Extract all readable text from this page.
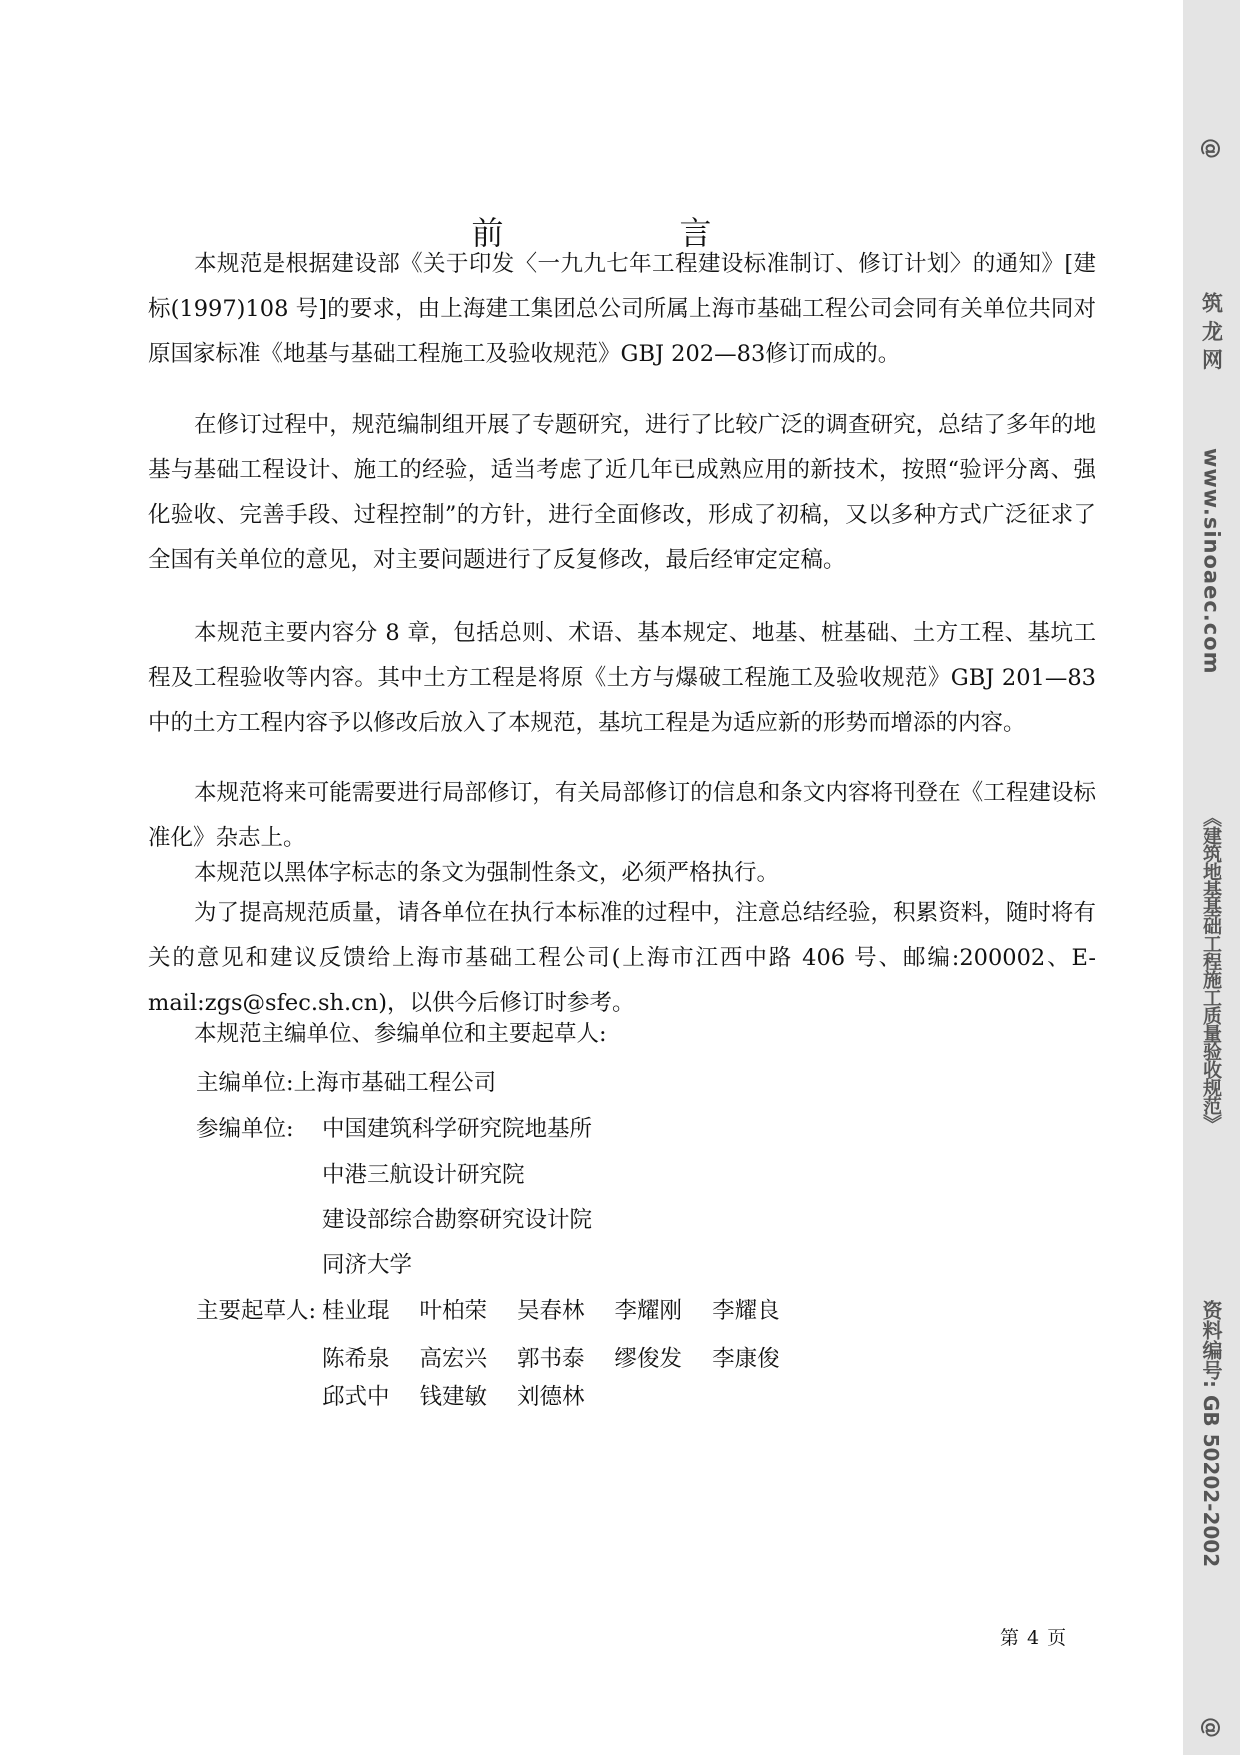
前　言

本规范是根据建设部《关于印发〈一九九七年工程建设标准制订、修订计划〉的通知》[建标(1997)108 号]的要求，由上海建工集团总公司所属上海市基础工程公司会同有关单位共同对原国家标准《地基与基础工程施工及验收规范》GBJ 202—83修订而成的。

在修订过程中，规范编制组开展了专题研究，进行了比较广泛的调查研究，总结了多年的地基与基础工程设计、施工的经验，适当考虑了近几年已成熟应用的新技术，按照“验评分离、强化验收、完善手段、过程控制”的方针，进行全面修改，形成了初稿，又以多种方式广泛征求了全国有关单位的意见，对主要问题进行了反复修改，最后经审定定稿。

本规范主要内容分 8 章，包括总则、术语、基本规定、地基、桩基础、土方工程、基坑工程及工程验收等内容。其中土方工程是将原《土方与爆破工程施工及验收规范》GBJ 201—83 中的土方工程内容予以修改后放入了本规范，基坑工程是为适应新的形势而增添的内容。

本规范将来可能需要进行局部修订，有关局部修订的信息和条文内容将刊登在《工程建设标准化》杂志上。

本规范以黑体字标志的条文为强制性条文，必须严格执行。

为了提高规范质量，请各单位在执行本标准的过程中，注意总结经验，积累资料，随时将有关的意见和建议反馈给上海市基础工程公司(上海市江西中路 406 号、邮编:200002、E-mail:zgs@sfec.sh.cn)，以供今后修订时参考。

本规范主编单位、参编单位和主要起草人:

主编单位:上海市基础工程公司
参编单位: 中国建筑科学研究院地基所
中港三航设计研究院
建设部综合勘察研究设计院
同济大学
主要起草人: 桂业琨 叶柏荣 吴春林 李耀刚 李耀良
陈希泉 高宏兴 郭书泰 缪俊发 李康俊
邱式中 钱建敏 刘德林
第 4 页
@
筑 龙 网
www.sinoaec.com
《建筑地基基础工程施工质量验收规范》
资料编号: GB 50202-2002
@
